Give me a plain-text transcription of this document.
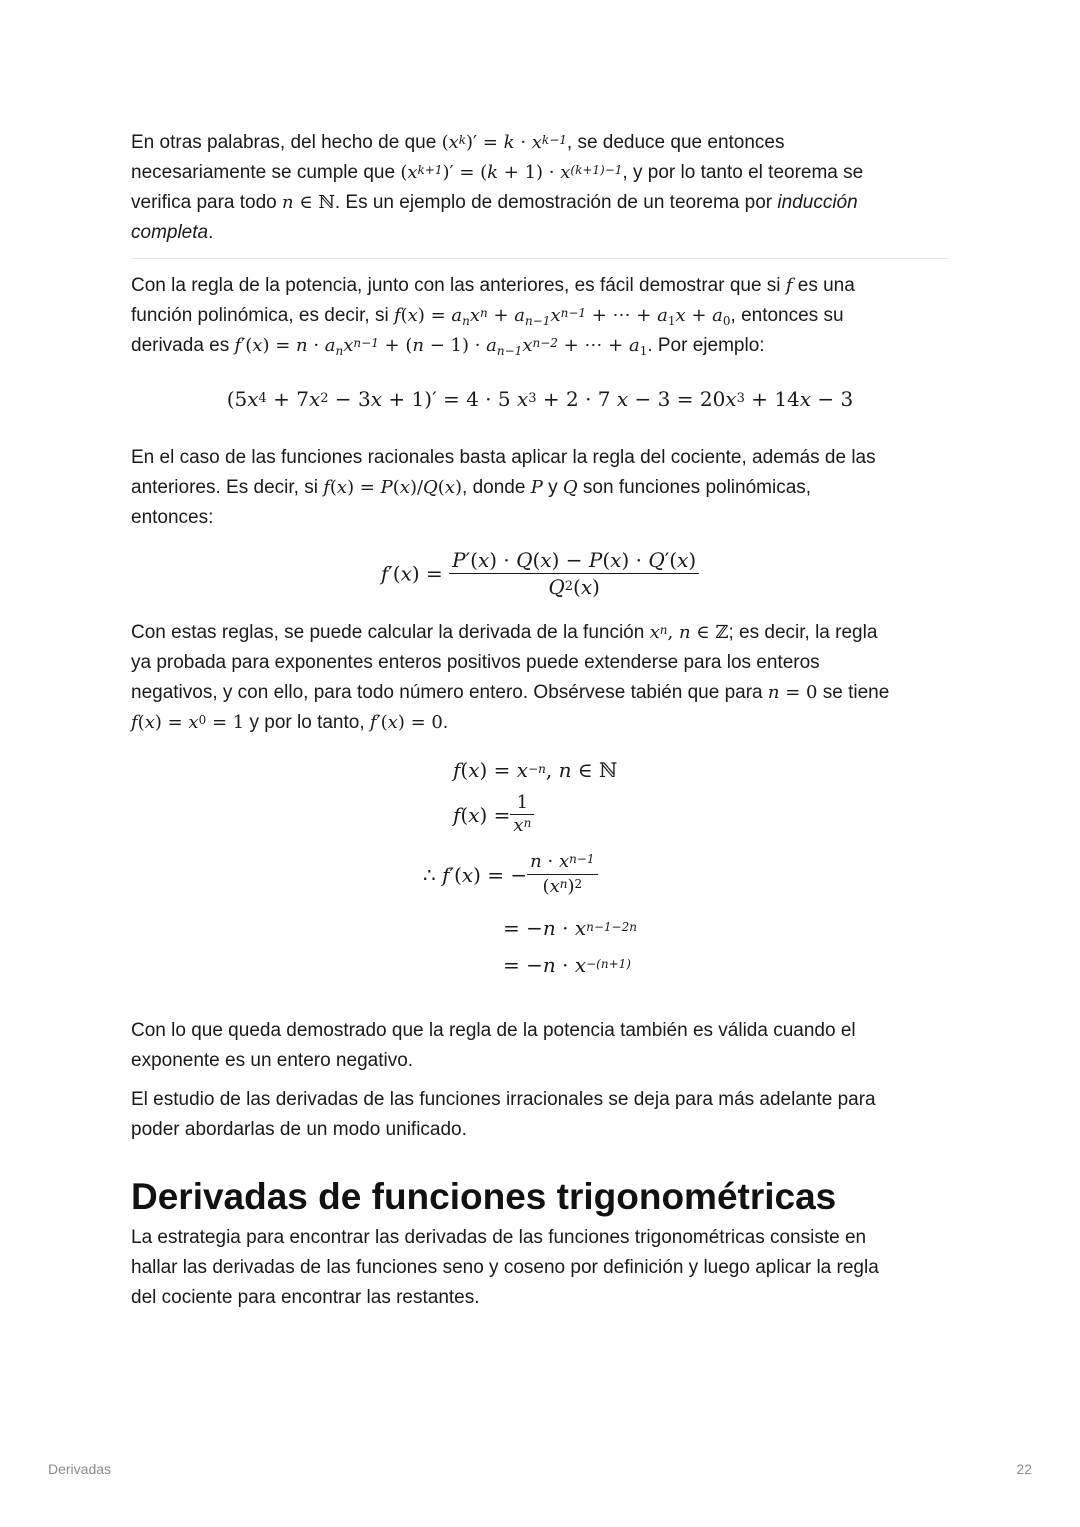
En otras palabras, del hecho de que $(x^k)' = k \cdot x^{k-1}$, se deduce que entonces
necesariamente se cumple que $(x^{k+1})' = (k + 1) \cdot x^{(k+1)-1}$, y por lo tanto el teorema se
verifica para todo n ∈ ℕ. Es un ejemplo de demostración de un teorema por inducción
completa.

Con la regla de la potencia, junto con las anteriores, es fácil demostrar que si f es una
función polinómica, es decir, si $f(x) = a_nx^n + a_{n-1}x^{n-1}$ + ⋯ + $a_1x + a_0$, entonces su
derivada es $f'(x) = n \cdot a_nx^{n-1} + (n - 1) \cdot a_{n-1}x^{n-2}$ + ⋯ + $a_1$. Por ejemplo:

$(5x^4 + 7x^2 - 3x + 1)' = 4 \cdot 5$ $x^3 + 2 \cdot 7$ $x - 3 = 20x^3 + 14x - 3$

En el caso de las funciones racionales basta aplicar la regla del cociente, además de las
anteriores. Es decir, si f(x) = P(x)/Q(x), donde P y Q son funciones polinómicas,
entonces:

$f'(x) = \frac{P'(x) \cdot Q(x) - P(x) \cdot Q'(x)}{Q^2(x)}$

Con estas reglas, se puede calcular la derivada de la función $x^n$, n ∈ ℤ; es decir, la regla
ya probada para exponentes enteros positivos puede extenderse para los enteros
negativos, y con ello, para todo número entero. Obsérvese tabién que para n = 0 se tiene
$f(x) = x^0 = 1$ y por lo tanto, f′(x) = 0.

$f(x) = x^{-n}$, n ∈ ℕ
$f(x) = \frac{1}{x^n}$
∴ f′(x) = − $\frac{n \cdot x^{n-1}}{(x^n)^2}$
= $-n \cdot x^{n-1-2n}$
= $-n \cdot x^{-(n+1)}$

Con lo que queda demostrado que la regla de la potencia también es válida cuando el
exponente es un entero negativo.

El estudio de las derivadas de las funciones irracionales se deja para más adelante para
poder abordarlas de un modo unificado.

Derivadas de funciones trigonométricas

La estrategia para encontrar las derivadas de las funciones trigonométricas consiste en
hallar las derivadas de las funciones seno y coseno por definición y luego aplicar la regla
del cociente para encontrar las restantes.

Derivadas	22
